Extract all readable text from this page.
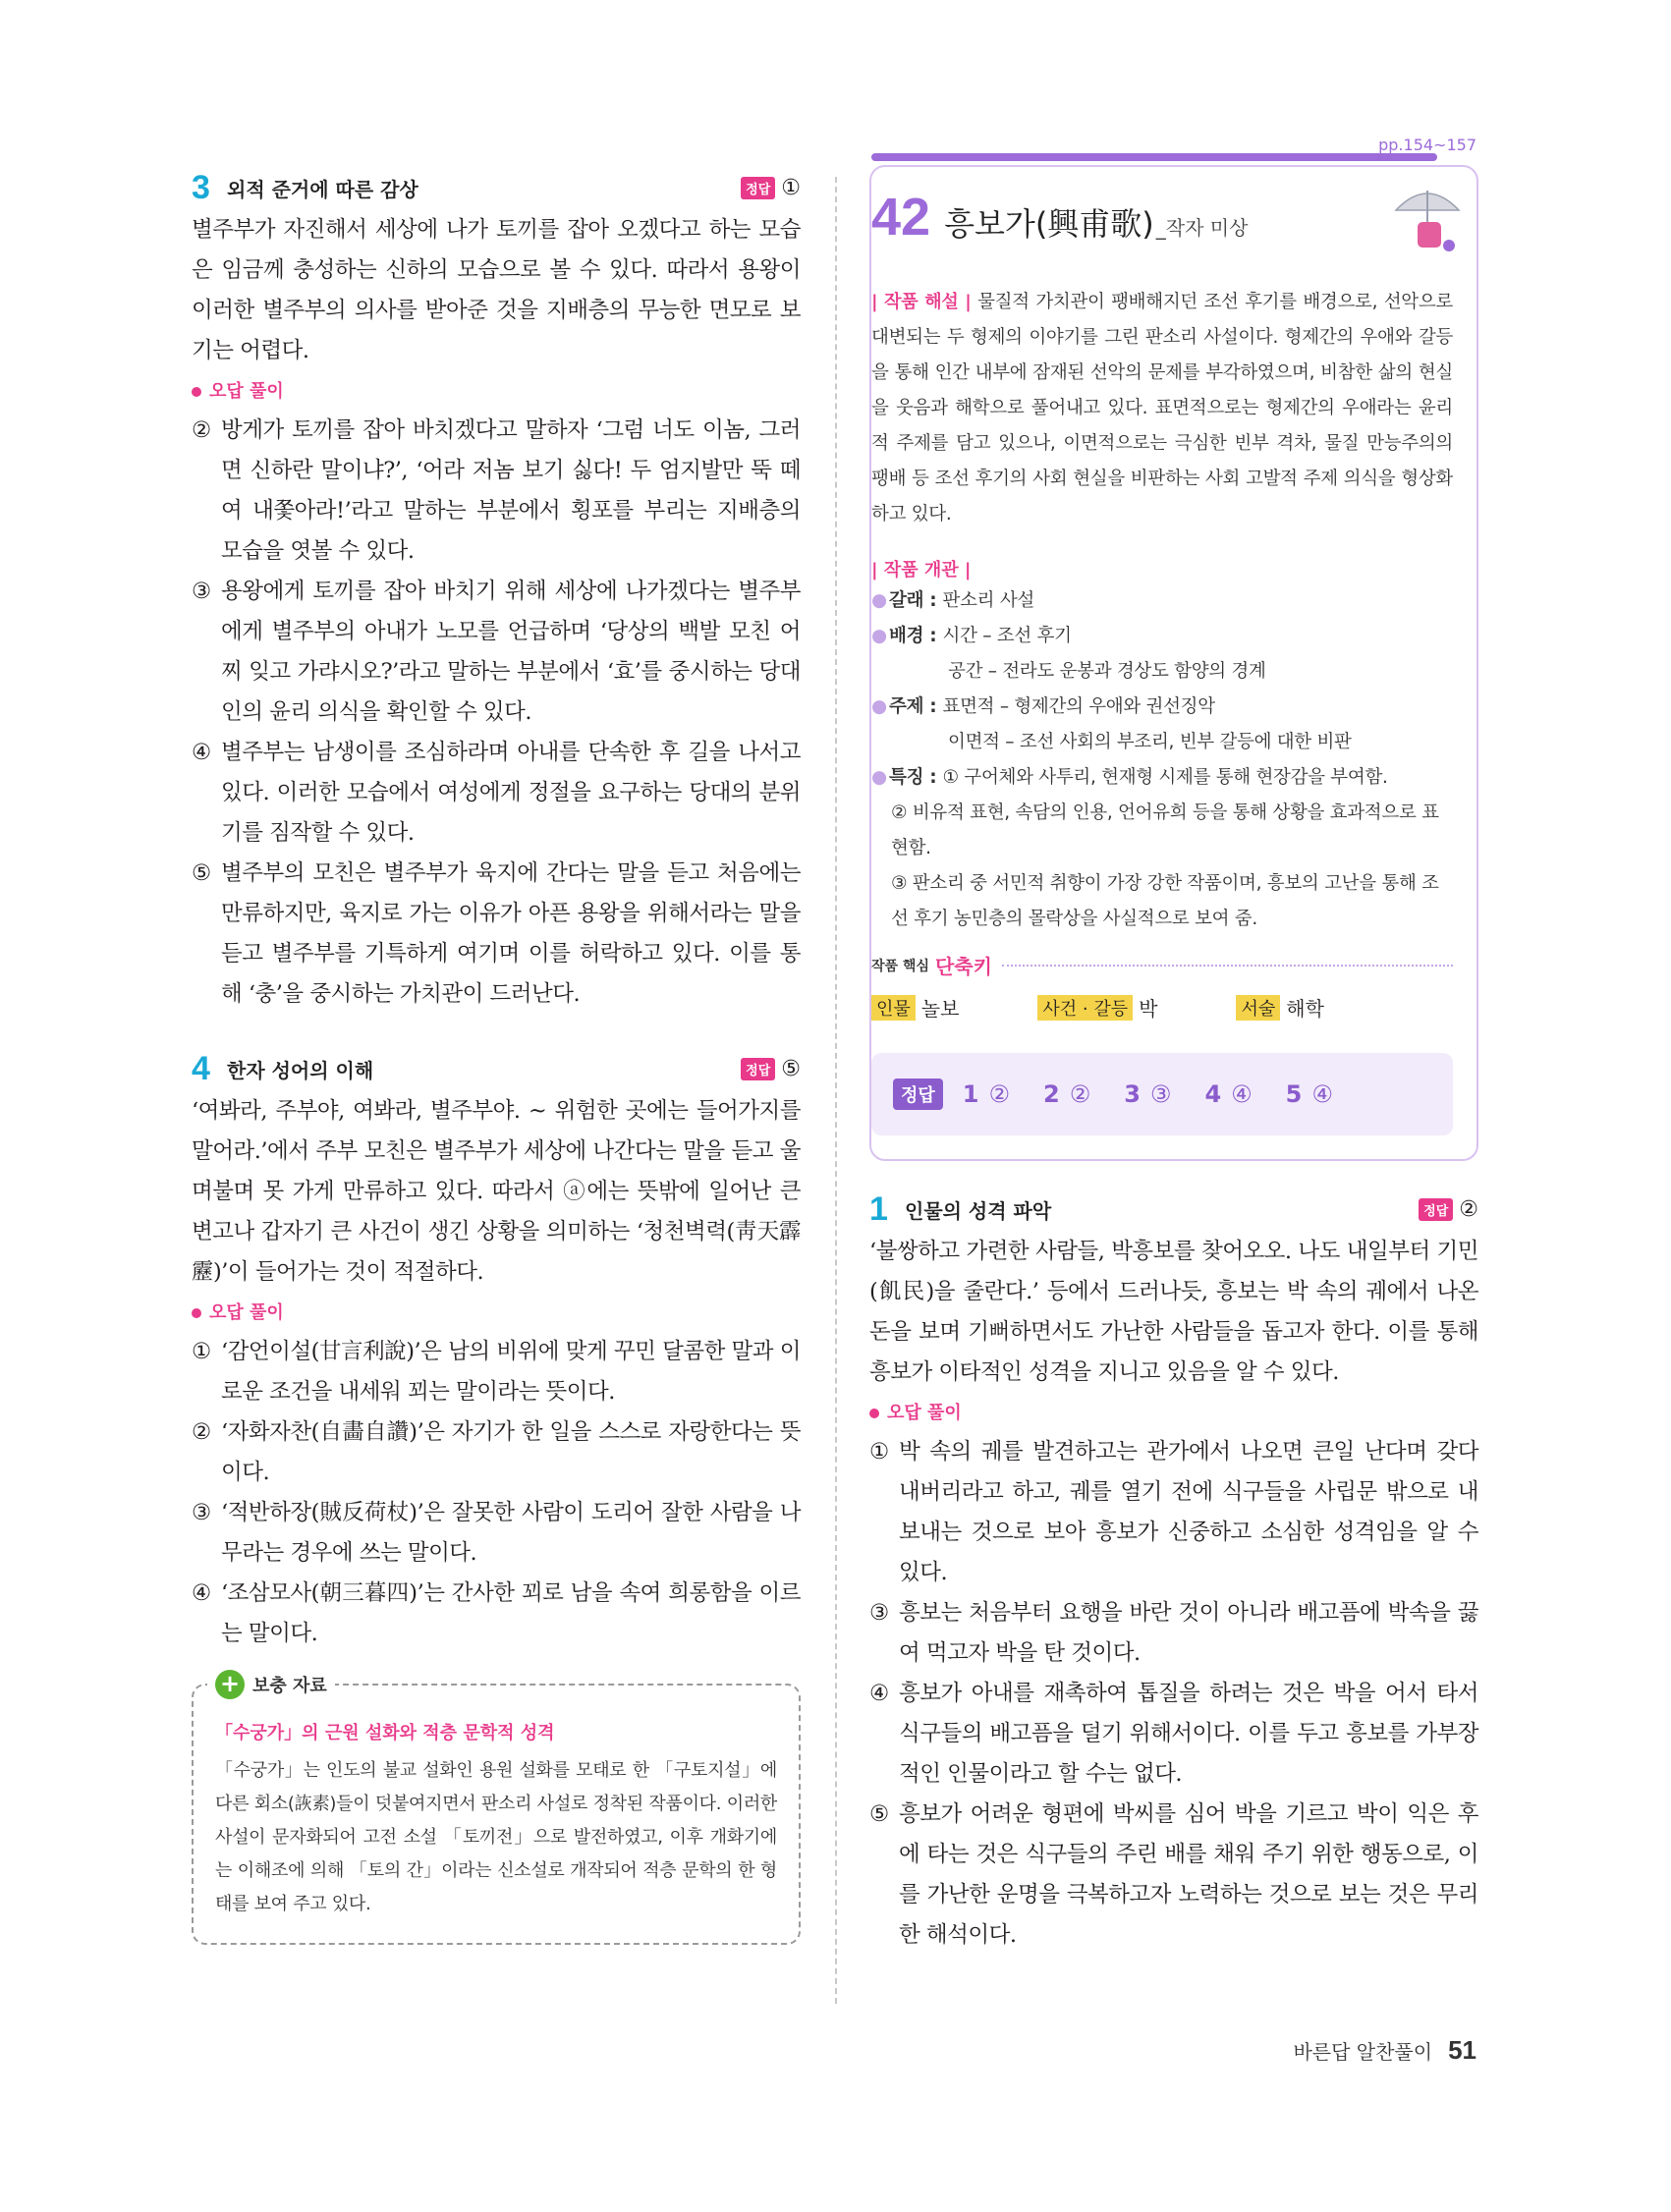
3 외적 준거에 따른 감상	정답 ①

별주부가 자진해서 세상에 나가 토끼를 잡아 오겠다고 하는 모습은 임금께 충성하는 신하의 모습으로 볼 수 있다. 따라서 용왕이 이러한 별주부의 의사를 받아준 것을 지배층의 무능한 면모로 보기는 어렵다.

오답 풀이
② 방게가 토끼를 잡아 바치겠다고 말하자 ‘그럼 너도 이놈, 그러면 신하란 말이냐?’, ‘어라 저놈 보기 싫다! 두 엄지발만 뚝 떼여 내쫓아라!’라고 말하는 부분에서 횡포를 부리는 지배층의 모습을 엿볼 수 있다.
③ 용왕에게 토끼를 잡아 바치기 위해 세상에 나가겠다는 별주부에게 별주부의 아내가 노모를 언급하며 ‘당상의 백발 모친 어찌 잊고 가랴시오?’라고 말하는 부분에서 ‘효’를 중시하는 당대인의 윤리 의식을 확인할 수 있다.
④ 별주부는 남생이를 조심하라며 아내를 단속한 후 길을 나서고 있다. 이러한 모습에서 여성에게 정절을 요구하는 당대의 분위기를 짐작할 수 있다.
⑤ 별주부의 모친은 별주부가 육지에 간다는 말을 듣고 처음에는 만류하지만, 육지로 가는 이유가 아픈 용왕을 위해서라는 말을 듣고 별주부를 기특하게 여기며 이를 허락하고 있다. 이를 통해 ‘충’을 중시하는 가치관이 드러난다.
4 한자 성어의 이해	정답 ⑤

‘여봐라, 주부야, 여봐라, 별주부야. ~ 위험한 곳에는 들어가지를 말어라.’에서 주부 모친은 별주부가 세상에 나간다는 말을 듣고 울며불며 못 가게 만류하고 있다. 따라서 ⓐ에는 뜻밖에 일어난 큰 변고나 갑자기 큰 사건이 생긴 상황을 의미하는 ‘청천벽력(靑天霹靂)’이 들어가는 것이 적절하다.

오답 풀이
① ‘감언이설(甘言利說)’은 남의 비위에 맞게 꾸민 달콤한 말과 이로운 조건을 내세워 꾀는 말이라는 뜻이다.
② ‘자화자찬(自畵自讚)’은 자기가 한 일을 스스로 자랑한다는 뜻이다.
③ ‘적반하장(賊反荷杖)’은 잘못한 사람이 도리어 잘한 사람을 나무라는 경우에 쓰는 말이다.
④ ‘조삼모사(朝三暮四)’는 간사한 꾀로 남을 속여 희롱함을 이르는 말이다.
+ 보충 자료
「수궁가」의 근원 설화와 적층 문학적 성격

「수궁가」는 인도의 불교 설화인 용원 설화를 모태로 한 「구토지설」에 다른 회소(詼素)들이 덧붙여지면서 판소리 사설로 정착된 작품이다. 이러한 사설이 문자화되어 고전 소설 「토끼전」으로 발전하였고, 이후 개화기에는 이해조에 의해 「토의 간」이라는 신소설로 개작되어 적층 문학의 한 형태를 보여 주고 있다.

pp.154~157
42 흥보가(興甫歌) _작자 미상

| 작품 해설 | 물질적 가치관이 팽배해지던 조선 후기를 배경으로, 선악으로 대변되는 두 형제의 이야기를 그린 판소리 사설이다. 형제간의 우애와 갈등을 통해 인간 내부에 잠재된 선악의 문제를 부각하였으며, 비참한 삶의 현실을 웃음과 해학으로 풀어내고 있다. 표면적으로는 형제간의 우애라는 윤리적 주제를 담고 있으나, 이면적으로는 극심한 빈부 격차, 물질 만능주의의 팽배 등 조선 후기의 사회 현실을 비판하는 사회 고발적 주제 의식을 형상화하고 있다.

| 작품 개관 |
● 갈래 : 판소리 사설
● 배경 : 시간 – 조선 후기
공간 – 전라도 운봉과 경상도 함양의 경계
● 주제 : 표면적 – 형제간의 우애와 권선징악
이면적 – 조선 사회의 부조리, 빈부 갈등에 대한 비판
● 특징 : ① 구어체와 사투리, 현재형 시제를 통해 현장감을 부여함.
② 비유적 표현, 속담의 인용, 언어유희 등을 통해 상황을 효과적으로 표현함.
③ 판소리 중 서민적 취향이 가장 강한 작품이며, 흥보의 고난을 통해 조선 후기 농민층의 몰락상을 사실적으로 보여 줌.
작품 핵심 단축키
인물 놀보	사건 · 갈등 박	서술 해학
정답	1 ② 2 ② 3 ③ 4 ④ 5 ④
1 인물의 성격 파악	정답 ②

‘불쌍하고 가련한 사람들, 박흥보를 찾어오오. 나도 내일부터 기민(飢民)을 줄란다.’ 등에서 드러나듯, 흥보는 박 속의 궤에서 나온 돈을 보며 기뻐하면서도 가난한 사람들을 돕고자 한다. 이를 통해 흥보가 이타적인 성격을 지니고 있음을 알 수 있다.

오답 풀이
① 박 속의 궤를 발견하고는 관가에서 나오면 큰일 난다며 갖다 내버리라고 하고, 궤를 열기 전에 식구들을 사립문 밖으로 내보내는 것으로 보아 흥보가 신중하고 소심한 성격임을 알 수 있다.
③ 흥보는 처음부터 요행을 바란 것이 아니라 배고픔에 박속을 끓여 먹고자 박을 탄 것이다.
④ 흥보가 아내를 재촉하여 톱질을 하려는 것은 박을 어서 타서 식구들의 배고픔을 덜기 위해서이다. 이를 두고 흥보를 가부장적인 인물이라고 할 수는 없다.
⑤ 흥보가 어려운 형편에 박씨를 심어 박을 기르고 박이 익은 후에 타는 것은 식구들의 주린 배를 채워 주기 위한 행동으로, 이를 가난한 운명을 극복하고자 노력하는 것으로 보는 것은 무리한 해석이다.
바른답 알찬풀이 51
